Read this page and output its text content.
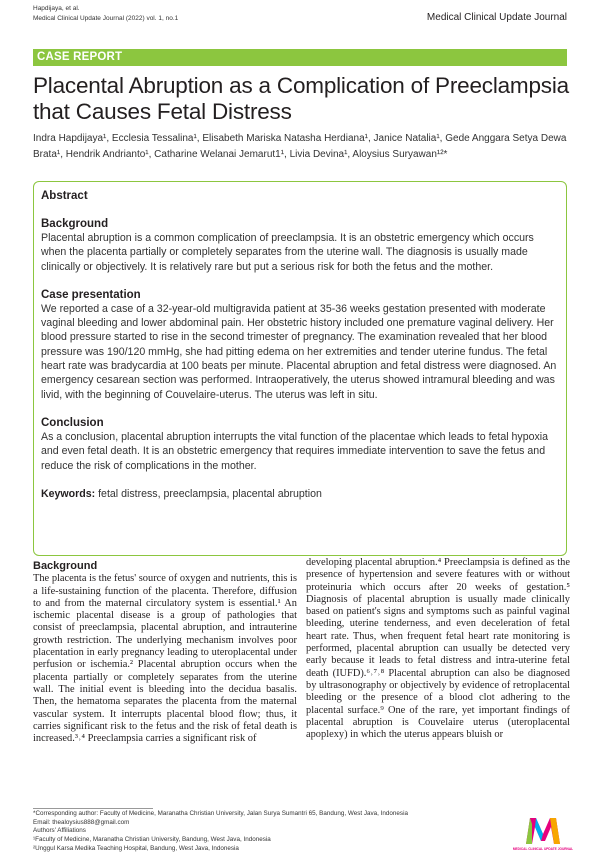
Hapdijaya, et al.
Medical Clinical Update Journal (2022) vol. 1, no.1	Medical Clinical Update Journal
CASE REPORT
Placental Abruption as a Complication of Preeclampsia that Causes Fetal Distress
Indra Hapdijaya¹, Ecclesia Tessalina¹, Elisabeth Mariska Natasha Herdiana¹, Janice Natalia¹, Gede Anggara Setya Dewa Brata¹, Hendrik Andrianto¹, Catharine Welanai Jemarut1¹, Livia Devina¹, Aloysius Suryawan¹²*
Abstract
Background
Placental abruption is a common complication of preeclampsia. It is an obstetric emergency which occurs when the placenta partially or completely separates from the uterine wall. The diagnosis is usually made clinically or objectively. It is relatively rare but put a serious risk for both the fetus and the mother.
Case presentation
We reported a case of a 32-year-old multigravida patient at 35-36 weeks gestation presented with moderate vaginal bleeding and lower abdominal pain. Her obstetric history included one premature vaginal delivery. Her blood pressure started to rise in the second trimester of pregnancy. The examination revealed that her blood pressure was 190/120 mmHg, she had pitting edema on her extremities and tender uterine fundus. The fetal heart rate was bradycardia at 100 beats per minute. Placental abruption and fetal distress were diagnosed. An emergency cesarean section was performed. Intraoperatively, the uterus showed intramural bleeding and was livid, with the beginning of Couvelaire-uterus. The uterus was left in situ.
Conclusion
As a conclusion, placental abruption interrupts the vital function of the placentae which leads to fetal hypoxia and even fetal death. It is an obstetric emergency that requires immediate intervention to save the fetus and reduce the risk of complications in the mother.
Keywords: fetal distress, preeclampsia, placental abruption
Background
The placenta is the fetus' source of oxygen and nutrients, this is a life-sustaining function of the placenta. Therefore, diffusion to and from the maternal circulatory system is essential.¹ An ischemic placental disease is a group of pathologies that consist of preeclampsia, placental abruption, and intrauterine growth restriction. The underlying mechanism involves poor placentation in early pregnancy leading to uteroplacental under perfusion or ischemia.² Placental abruption occurs when the placenta partially or completely separates from the uterine wall. The initial event is bleeding into the decidua basalis. Then, the hematoma separates the placenta from the maternal vascular system. It interrupts placental blood flow; thus, it carries significant risk to the fetus and the risk of fetal death is increased.³˒⁴ Preeclampsia carries a significant risk of
developing placental abruption.⁴ Preeclampsia is defined as the presence of hypertension and severe features with or without proteinuria which occurs after 20 weeks of gestation.⁵ Diagnosis of placental abruption is usually made clinically based on patient's signs and symptoms such as painful vaginal bleeding, uterine tenderness, and even deceleration of fetal heart rate. Thus, when frequent fetal heart rate monitoring is performed, placental abruption can usually be detected very early because it leads to fetal distress and intra-uterine fetal death (IUFD).⁶˒⁷˒⁸ Placental abruption can also be diagnosed by ultrasonography or objectively by evidence of retroplacental bleeding or the presence of a blood clot adhering to the placental surface.⁹ One of the rare, yet important findings of placental abruption is Couvelaire uterus (uteroplacental apoplexy) in which the uterus appears bluish or
*Corresponding author: Faculty of Medicine, Maranatha Christian University, Jalan Surya Sumantri 65, Bandung, West Java, Indonesia
Email: thealoysius888@gmail.com
Authors' Affiliations
¹Faculty of Medicine, Maranatha Christian University, Bandung, West Java, Indonesia
²Unggul Karsa Medika Teaching Hospital, Bandung, West Java, Indonesia	MEDICAL CLINICAL UPDATE JOURNAL
